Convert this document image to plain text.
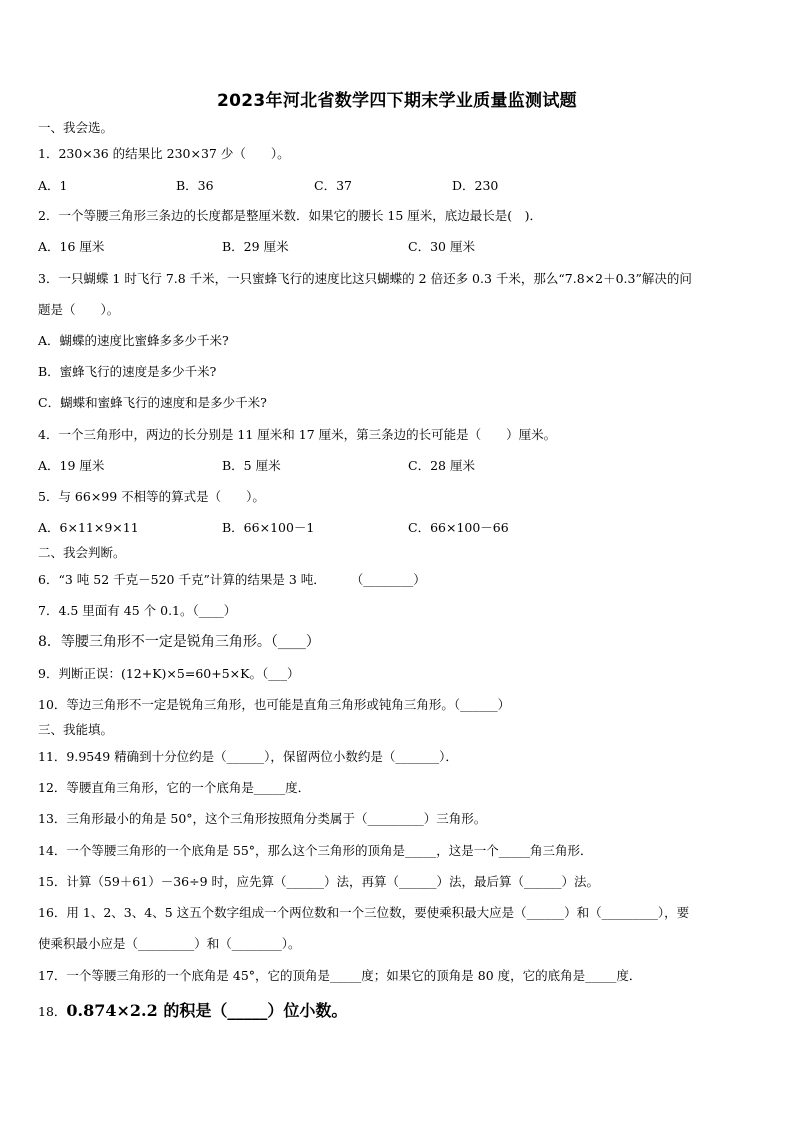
2023年河北省数学四下期末学业质量监测试题
一、我会选。
1．230×36 的结果比 230×37 少（　　）。
A．1	B．36	C．37	D．230
2．一个等腰三角形三条边的长度都是整厘米数．如果它的腰长 15 厘米，底边最长是(　)．
A．16 厘米	B．29 厘米	C．30 厘米
3．一只蝴蝶 1 时飞行 7.8 千米，一只蜜蜂飞行的速度比这只蝴蝶的 2 倍还多 0.3 千米，那么“7.8×2＋0.3”解决的问
题是（　　）。
A．蝴蝶的速度比蜜蜂多多少千米?
B．蜜蜂飞行的速度是多少千米?
C．蝴蝶和蜜蜂飞行的速度和是多少千米?
4．一个三角形中，两边的长分别是 11 厘米和 17 厘米，第三条边的长可能是（　　）厘米。
A．19 厘米	B．5 厘米	C．28 厘米
5．与 66×99 不相等的算式是（　　）。
A．6×11×9×11	B．66×100－1	C．66×100－66
二、我会判断。
6．“3 吨 52 千克－520 千克”计算的结果是 3 吨．　　　（________）
7．4.5 里面有 45 个 0.1。（____）
8．等腰三角形不一定是锐角三角形。（____）
9．判断正误：(12+K)×5=60+5×K。（___）
10．等边三角形不一定是锐角三角形，也可能是直角三角形或钝角三角形。（______）
三、我能填。
11．9.9549 精确到十分位约是（______），保留两位小数约是（_______）．
12．等腰直角三角形，它的一个底角是_____度．
13．三角形最小的角是 50°，这个三角形按照角分类属于（_________）三角形。
14．一个等腰三角形的一个底角是 55°，那么这个三角形的顶角是_____，这是一个_____角三角形．
15．计算（59＋61）－36÷9 时，应先算（______）法，再算（______）法，最后算（______）法。
16．用 1、2、3、4、5 这五个数字组成一个两位数和一个三位数，要使乘积最大应是（______）和（_________），要
使乘积最小应是（_________）和（________）。
17．一个等腰三角形的一个底角是 45°，它的顶角是_____度；如果它的顶角是 80 度，它的底角是_____度．
18．0.874×2.2 的积是（_____）位小数。
